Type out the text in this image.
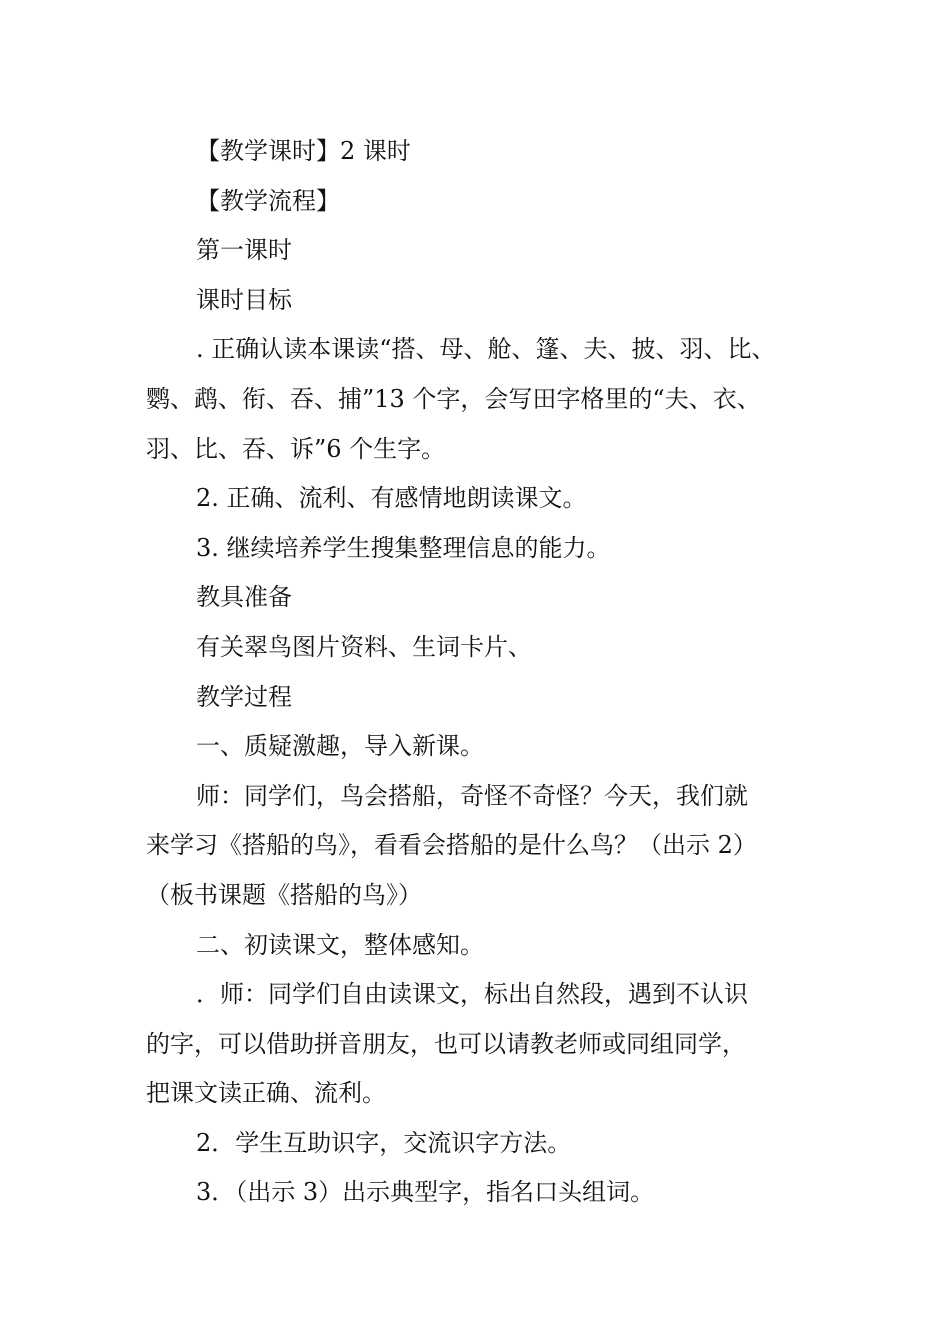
【教学课时】2 课时
【教学流程】
第一课时
课时目标
. 正确认读本课读“搭、母、舱、篷、夫、披、羽、比、
鹦、鹉、衔、吞、捕”13 个字，会写田字格里的“夫、衣、
羽、比、吞、诉”6 个生字。
2. 正确、流利、有感情地朗读课文。
3. 继续培养学生搜集整理信息的能力。
教具准备
有关翠鸟图片资料、生词卡片、
教学过程
一、质疑激趣，导入新课。
师：同学们，鸟会搭船，奇怪不奇怪？今天，我们就
来学习《搭船的鸟》，看看会搭船的是什么鸟？（出示 2）
（板书课题《搭船的鸟》）
二、初读课文，整体感知。
．师：同学们自由读课文，标出自然段，遇到不认识
的字，可以借助拼音朋友，也可以请教老师或同组同学，
把课文读正确、流利。
2．学生互助识字，交流识字方法。
3．（出示 3）出示典型字，指名口头组词。
